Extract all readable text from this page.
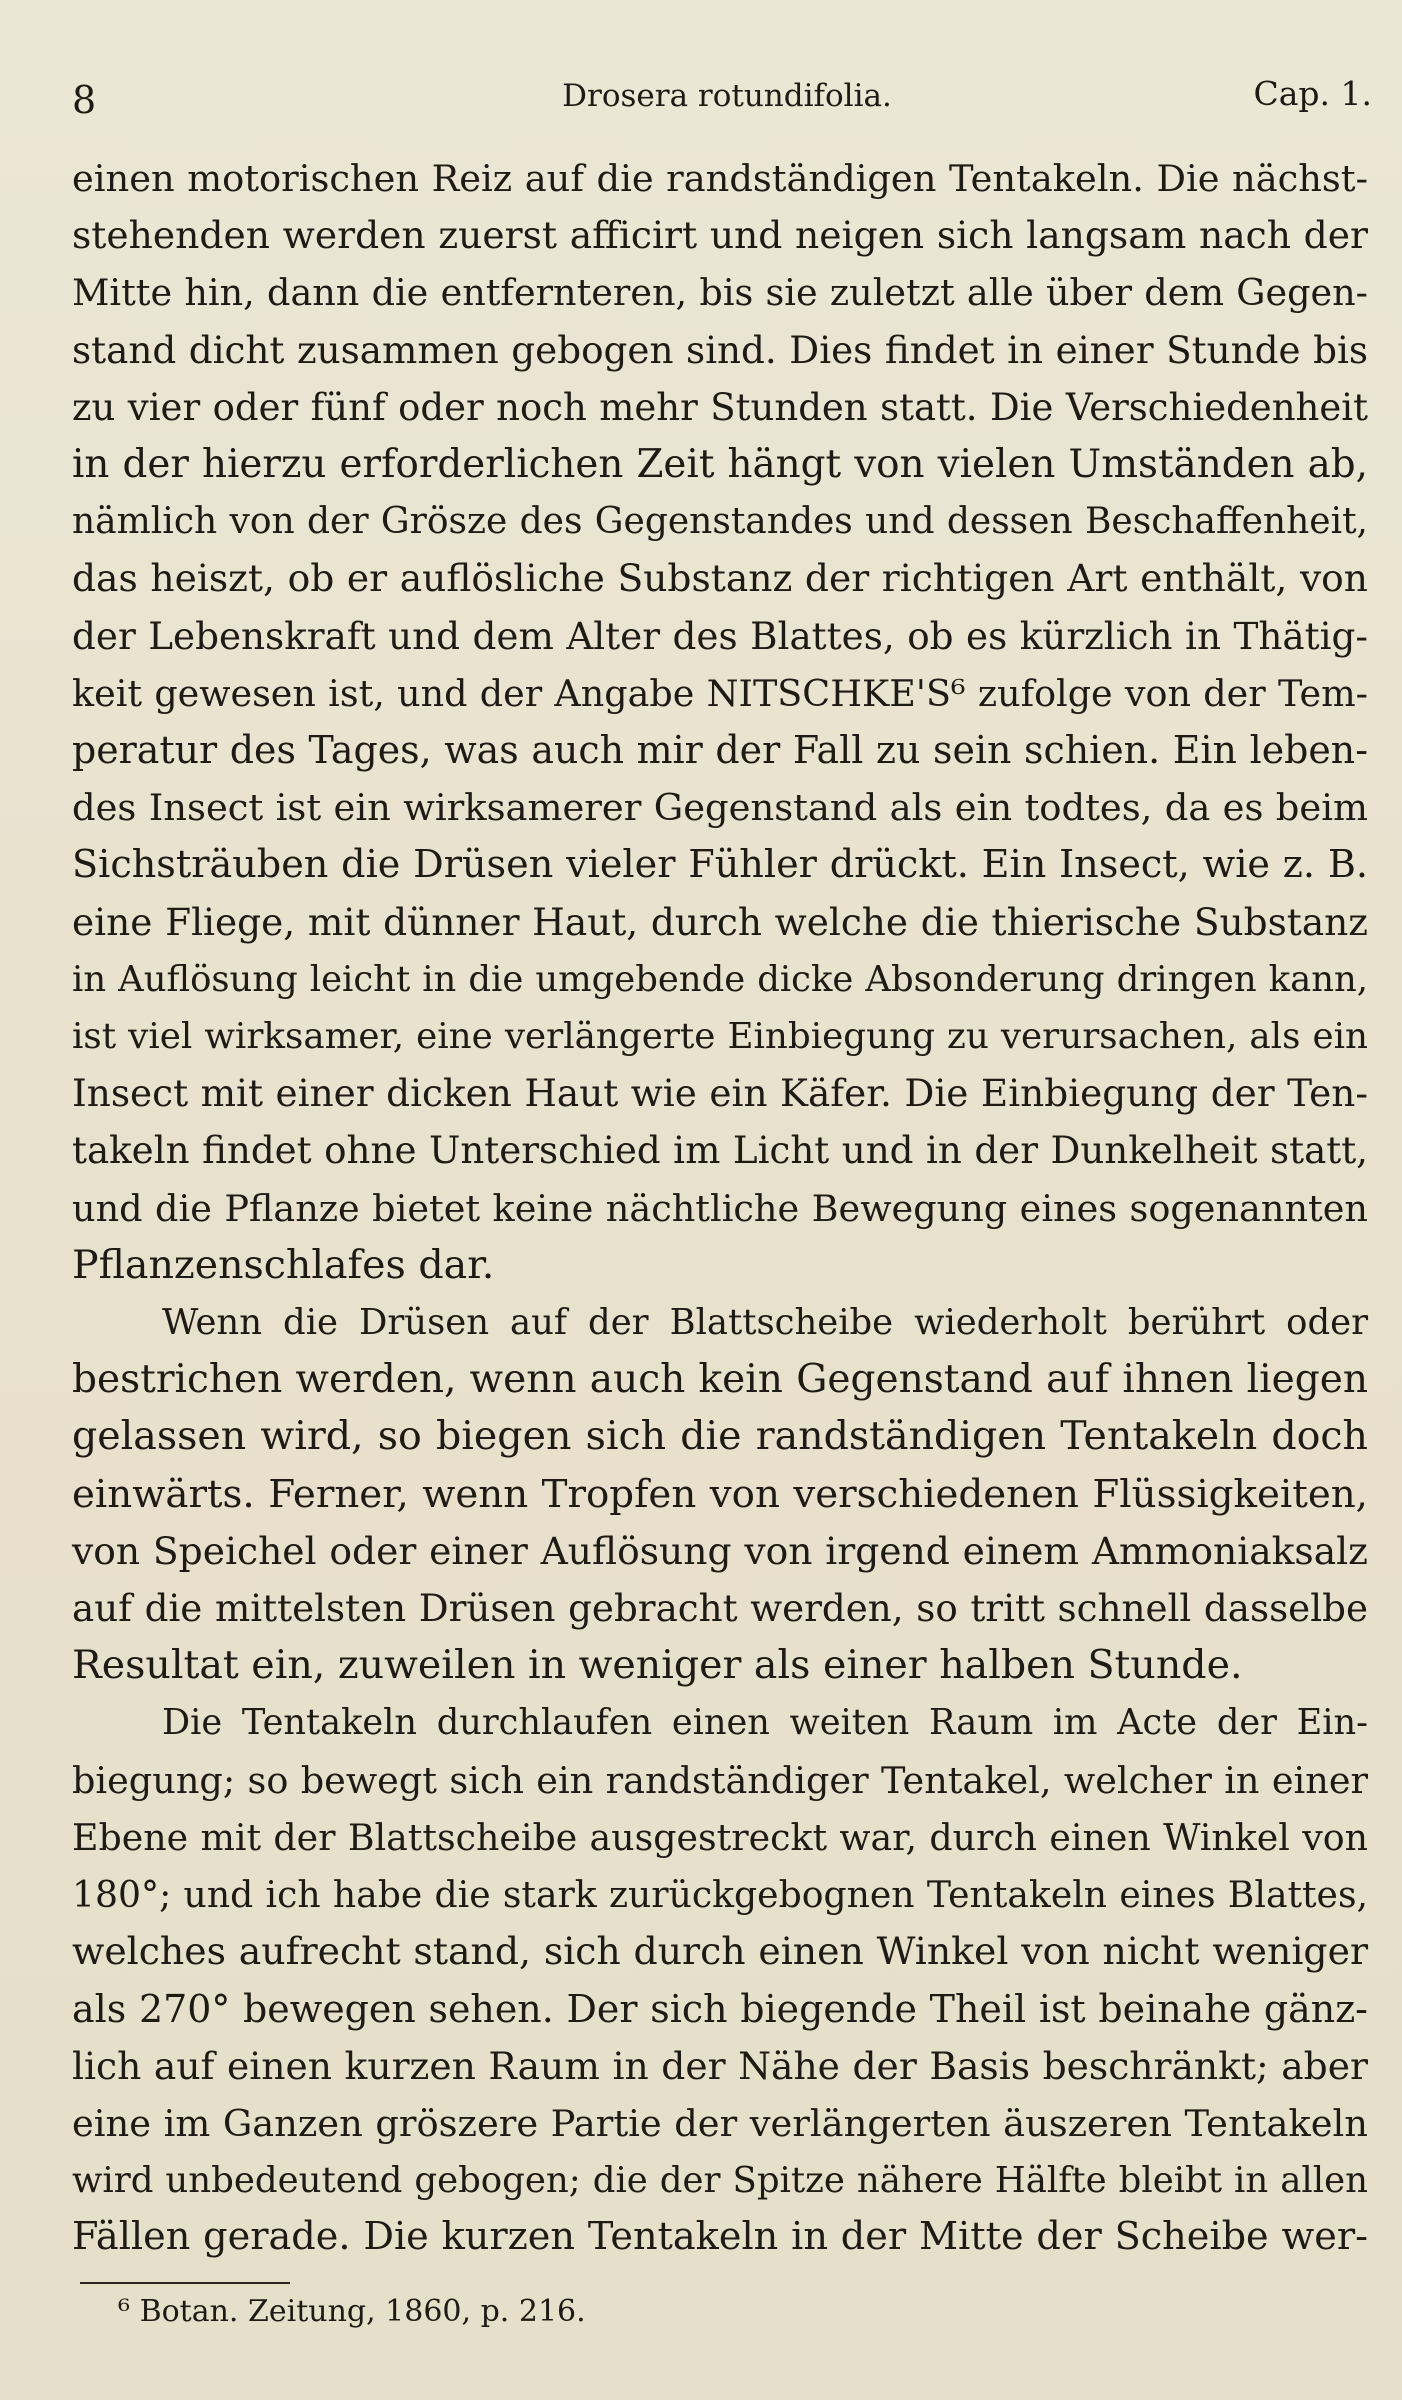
8	Drosera rotundifolia.	Cap. 1.
einen motorischen Reiz auf die randständigen Tentakeln. Die nächst-
stehenden werden zuerst afficirt und neigen sich langsam nach der
Mitte hin, dann die entfernteren, bis sie zuletzt alle über dem Gegen-
stand dicht zusammen gebogen sind. Dies findet in einer Stunde bis
zu vier oder fünf oder noch mehr Stunden statt. Die Verschiedenheit
in der hierzu erforderlichen Zeit hängt von vielen Umständen ab,
nämlich von der Grösze des Gegenstandes und dessen Beschaffenheit,
das heiszt, ob er auflösliche Substanz der richtigen Art enthält, von
der Lebenskraft und dem Alter des Blattes, ob es kürzlich in Thätig-
keit gewesen ist, und der Angabe NITSCHKE'S⁶ zufolge von der Tem-
peratur des Tages, was auch mir der Fall zu sein schien. Ein leben-
des Insect ist ein wirksamerer Gegenstand als ein todtes, da es beim
Sichsträuben die Drüsen vieler Fühler drückt. Ein Insect, wie z. B.
eine Fliege, mit dünner Haut, durch welche die thierische Substanz
in Auflösung leicht in die umgebende dicke Absonderung dringen kann,
ist viel wirksamer, eine verlängerte Einbiegung zu verursachen, als ein
Insect mit einer dicken Haut wie ein Käfer. Die Einbiegung der Ten-
takeln findet ohne Unterschied im Licht und in der Dunkelheit statt,
und die Pflanze bietet keine nächtliche Bewegung eines sogenannten
Pflanzenschlafes dar.
Wenn die Drüsen auf der Blattscheibe wiederholt berührt oder
bestrichen werden, wenn auch kein Gegenstand auf ihnen liegen
gelassen wird, so biegen sich die randständigen Tentakeln doch
einwärts. Ferner, wenn Tropfen von verschiedenen Flüssigkeiten,
von Speichel oder einer Auflösung von irgend einem Ammoniaksalz
auf die mittelsten Drüsen gebracht werden, so tritt schnell dasselbe
Resultat ein, zuweilen in weniger als einer halben Stunde.
Die Tentakeln durchlaufen einen weiten Raum im Acte der Ein-
biegung; so bewegt sich ein randständiger Tentakel, welcher in einer
Ebene mit der Blattscheibe ausgestreckt war, durch einen Winkel von
180°; und ich habe die stark zurückgebognen Tentakeln eines Blattes,
welches aufrecht stand, sich durch einen Winkel von nicht weniger
als 270° bewegen sehen. Der sich biegende Theil ist beinahe gänz-
lich auf einen kurzen Raum in der Nähe der Basis beschränkt; aber
eine im Ganzen gröszere Partie der verlängerten äuszeren Tentakeln
wird unbedeutend gebogen; die der Spitze nähere Hälfte bleibt in allen
Fällen gerade. Die kurzen Tentakeln in der Mitte der Scheibe wer-
⁶ Botan. Zeitung, 1860, p. 216.
